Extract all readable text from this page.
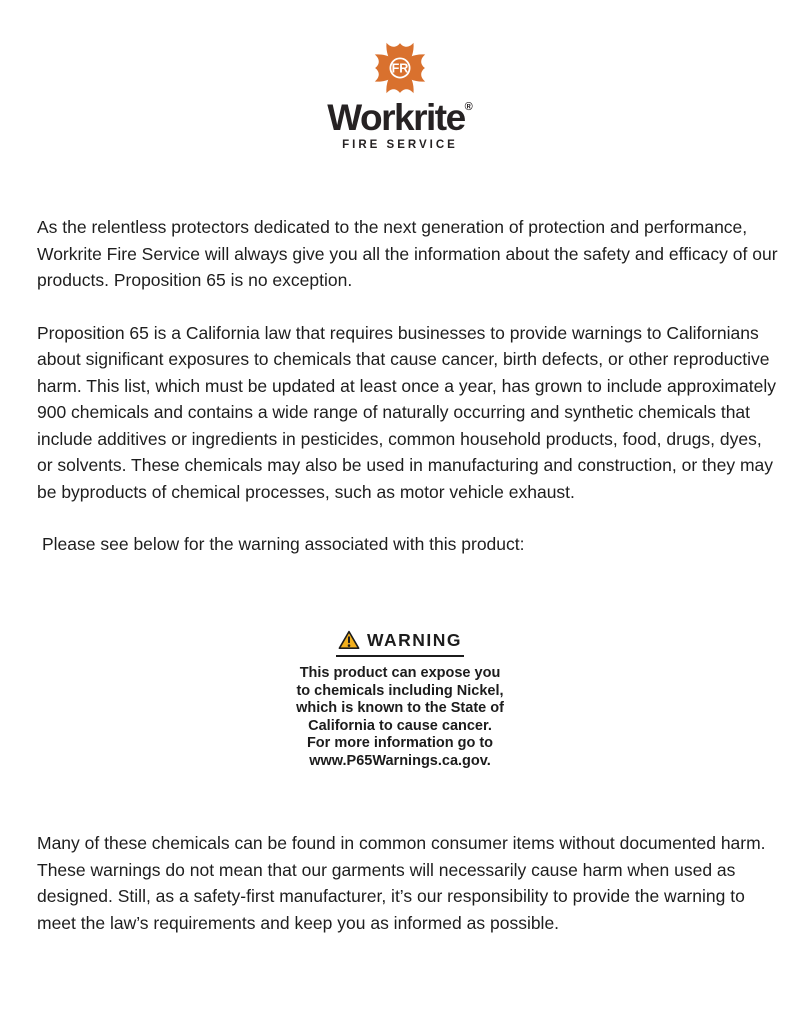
FR
Workrite®
FIRE SERVICE

As the relentless protectors dedicated to the next generation of protection and performance, Workrite Fire Service will always give you all the information about the safety and efficacy of our products. Proposition 65 is no exception.

Proposition 65 is a California law that requires businesses to provide warnings to Californians about significant exposures to chemicals that cause cancer, birth defects, or other reproductive harm. This list, which must be updated at least once a year, has grown to include approximately 900 chemicals and contains a wide range of naturally occurring and synthetic chemicals that include additives or ingredients in pesticides, common household products, food, drugs, dyes, or solvents. These chemicals may also be used in manufacturing and construction, or they may be byproducts of chemical processes, such as motor vehicle exhaust.

Please see below for the warning associated with this product:

WARNING
This product can expose you
to chemicals including Nickel,
which is known to the State of
California to cause cancer.
For more information go to
www.P65Warnings.ca.gov.

Many of these chemicals can be found in common consumer items without documented harm. These warnings do not mean that our garments will necessarily cause harm when used as designed. Still, as a safety-first manufacturer, it’s our responsibility to provide the warning to meet the law’s requirements and keep you as informed as possible.
